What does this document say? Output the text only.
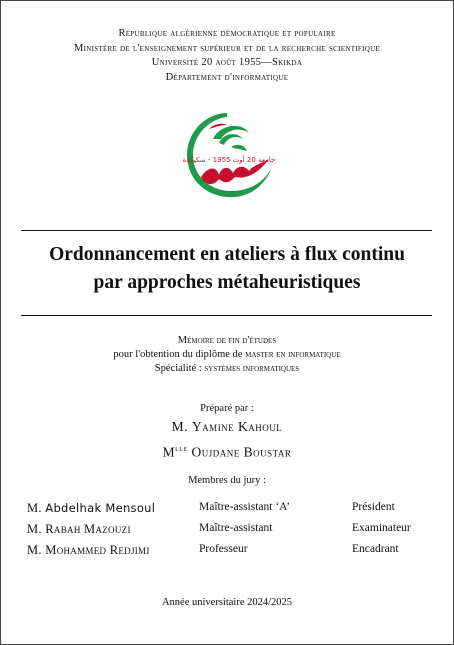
République algérienne démocratique et populaire
Ministère de l'enseignement supérieur et de la recherche scientifique
Université 20 août 1955—Skikda
Département d'informatique
جامعة 20 أوت 1955 - سكيكدة
Ordonnancement en ateliers à flux continu
par approches métaheuristiques
Mémoire de fin d'études
pour l'obtention du diplôme de master en informatique
Spécialité : systèmes informatiques
Préparé par :
M. Yamine Kahoul
$M^{lle}$ Oujdane Boustar
Membres du jury :
M. Abdelhak Mensoul	Maître-assistant ‘A’	Président
M. Rabah Mazouzi	Maître-assistant	Examinateur
M. Mohammed Redjimi	Professeur	Encadrant
Année universitaire 2024/2025
